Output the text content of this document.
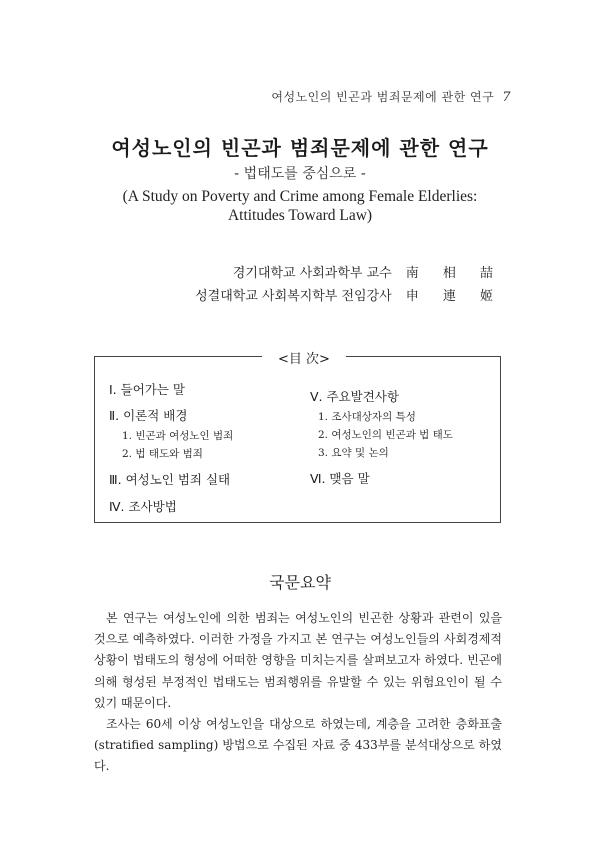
여성노인의 빈곤과 범죄문제에 관한 연구 7
여성노인의 빈곤과 범죄문제에 관한 연구
- 법태도를 중심으로 -
(A Study on Poverty and Crime among Female Elderlies:
Attitudes Toward Law)
경기대학교 사회과학부 교수 南 相 喆
성결대학교 사회복지학부 전임강사 申 連 姬
<目 次>
Ⅰ. 들어가는 말
Ⅱ. 이론적 배경
1. 빈곤과 여성노인 범죄
2. 법 태도와 범죄
Ⅲ. 여성노인 범죄 실태
Ⅳ. 조사방법
Ⅴ. 주요발견사항
1. 조사대상자의 특성
2. 여성노인의 빈곤과 법 태도
3. 요약 및 논의
Ⅵ. 맺음 말
국문요약

본 연구는 여성노인에 의한 범죄는 여성노인의 빈곤한 상황과 관련이 있을 것으로 예측하였다. 이러한 가정을 가지고 본 연구는 여성노인들의 사회경제적 상황이 법태도의 형성에 어떠한 영향을 미치는지를 살펴보고자 하였다. 빈곤에 의해 형성된 부정적인 법태도는 범죄행위를 유발할 수 있는 위험요인이 될 수 있기 때문이다.

조사는 60세 이상 여성노인을 대상으로 하였는데, 계층을 고려한 층화표출(stratified sampling) 방법으로 수집된 자료 중 433부를 분석대상으로 하였다.
